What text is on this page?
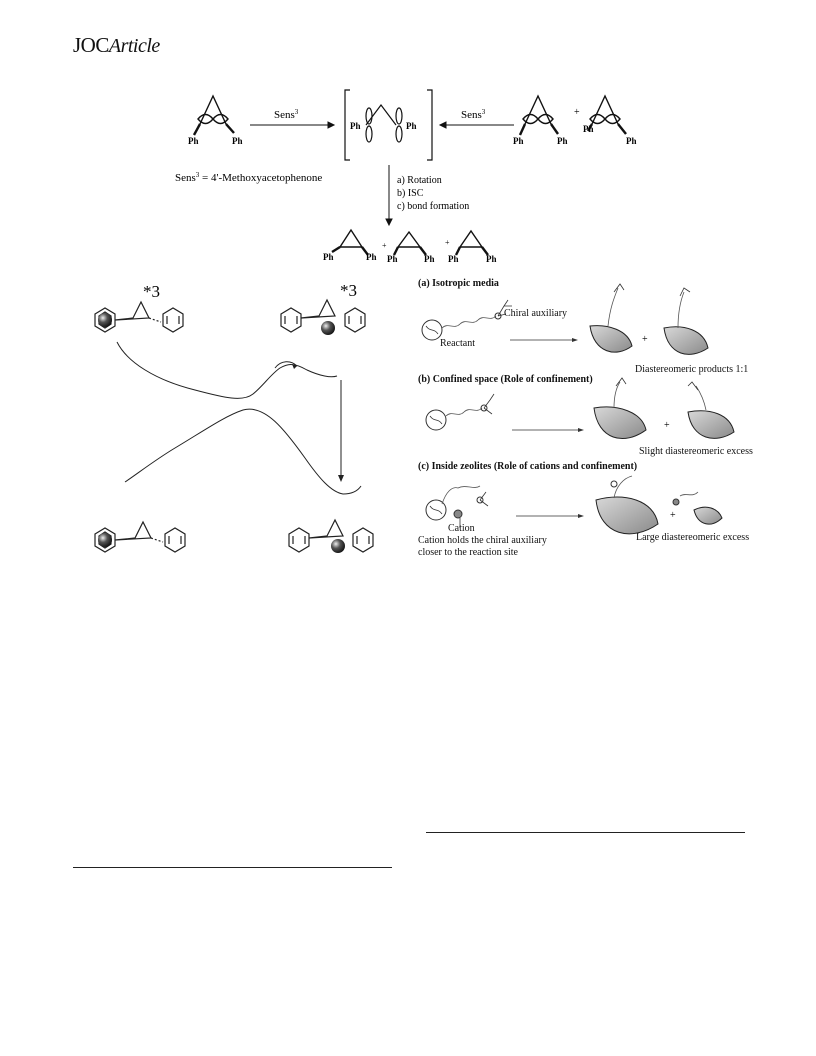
JOCArticle
Ph	Ph
Sens$^3$
Ph	Ph
Sens$^3$
Ph	Ph
+
Ph
Ph
Sens$^3$ = 4'-Methoxyacetophenone	a) Rotation
b) ISC
c) bond formation
Ph	Ph
+
Ph	Ph
+
Ph	Ph
*3	*3
+
+
+
(a) Isotropic media
Chiral auxiliary
Reactant
Diastereomeric products 1:1
(b) Confined space (Role of confinement)
Slight diastereomeric excess
(c) Inside zeolites (Role of cations and confinement)
Cation
Cation holds the chiral auxiliary
closer to the reaction site
Large diastereomeric excess
